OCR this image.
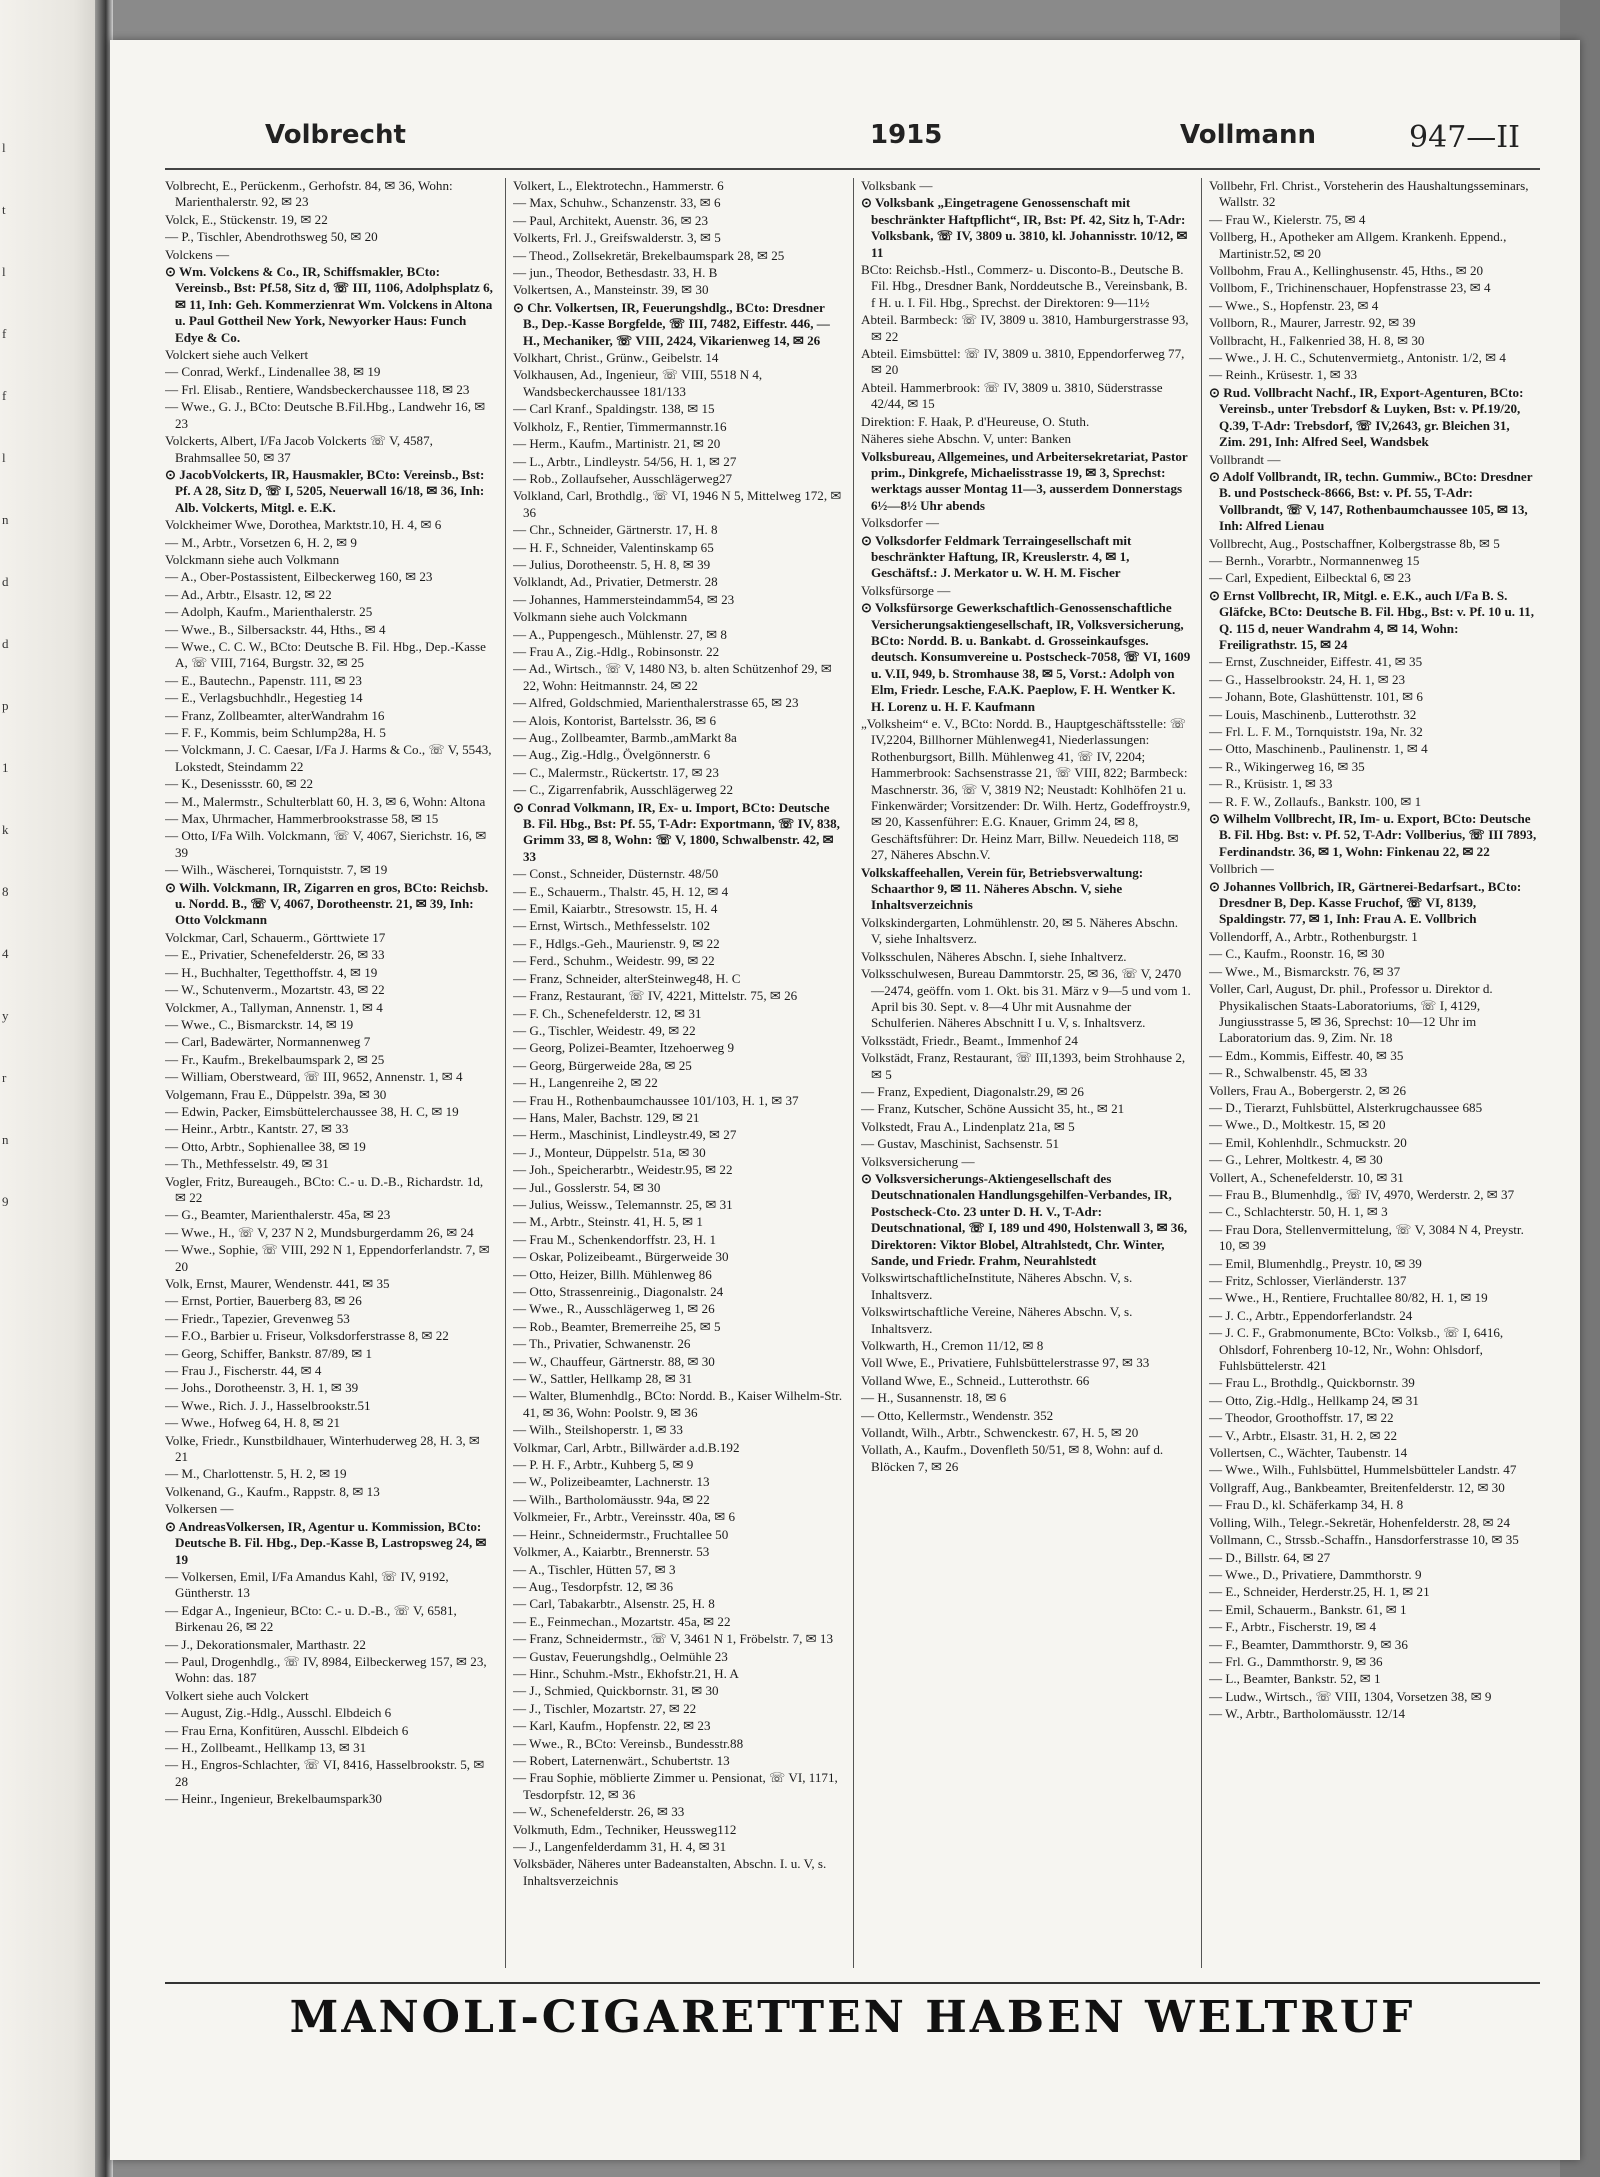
l
t
l
f
f
l
n
d
d
p
1
k
8
4
y
r
n
9
Volbrecht	1915	Vollmann	947—II
Volbrecht, E., Perückenm., Gerhofstr. 84, ✉ 36, Wohn: Marienthalerstr. 92, ✉ 23
Volck, E., Stückenstr. 19, ✉ 22
— P., Tischler, Abendrothsweg 50, ✉ 20
Volckens —
⊙ Wm. Volckens & Co., IR, Schiffsmakler, BCto: Vereinsb., Bst: Pf.58, Sitz d, ☏ III, 1106, Adolphsplatz 6, ✉ 11, Inh: Geh. Kommerzienrat Wm. Volckens in Altona u. Paul Gottheil New York, Newyorker Haus: Funch Edye & Co.
Volckert siehe auch Velkert
— Conrad, Werkf., Lindenallee 38, ✉ 19
— Frl. Elisab., Rentiere, Wandsbeckerchaussee 118, ✉ 23
— Wwe., G. J., BCto: Deutsche B.Fil.Hbg., Landwehr 16, ✉ 23
Volckerts, Albert, I/Fa Jacob Volckerts ☏ V, 4587, Brahmsallee 50, ✉ 37
⊙ JacobVolckerts, IR, Hausmakler, BCto: Vereinsb., Bst: Pf. A 28, Sitz D, ☏ I, 5205, Neuerwall 16/18, ✉ 36, Inh: Alb. Volckerts, Mitgl. e. E.K.
Volckheimer Wwe, Dorothea, Marktstr.10, H. 4, ✉ 6
— M., Arbtr., Vorsetzen 6, H. 2, ✉ 9
Volckmann siehe auch Volkmann
— A., Ober-Postassistent, Eilbeckerweg 160, ✉ 23
— Ad., Arbtr., Elsastr. 12, ✉ 22
— Adolph, Kaufm., Marienthalerstr. 25
— Wwe., B., Silbersackstr. 44, Hths., ✉ 4
— Wwe., C. C. W., BCto: Deutsche B. Fil. Hbg., Dep.-Kasse A, ☏ VIII, 7164, Burgstr. 32, ✉ 25
— E., Bautechn., Papenstr. 111, ✉ 23
— E., Verlagsbuchhdlr., Hegestieg 14
— Franz, Zollbeamter, alterWandrahm 16
— F. F., Kommis, beim Schlump28a, H. 5
— Volckmann, J. C. Caesar, I/Fa J. Harms & Co., ☏ V, 5543, Lokstedt, Steindamm 22
— K., Desenissstr. 60, ✉ 22
— M., Malermstr., Schulterblatt 60, H. 3, ✉ 6, Wohn: Altona
— Max, Uhrmacher, Hammerbrookstrasse 58, ✉ 15
— Otto, I/Fa Wilh. Volckmann, ☏ V, 4067, Sierichstr. 16, ✉ 39
— Wilh., Wäscherei, Tornquiststr. 7, ✉ 19
⊙ Wilh. Volckmann, IR, Zigarren en gros, BCto: Reichsb. u. Nordd. B., ☏ V, 4067, Dorotheenstr. 21, ✉ 39, Inh: Otto Volckmann
Volckmar, Carl, Schauerm., Görttwiete 17
— E., Privatier, Schenefelderstr. 26, ✉ 33
— H., Buchhalter, Tegetthoffstr. 4, ✉ 19
— W., Schutenverm., Mozartstr. 43, ✉ 22
Volckmer, A., Tallyman, Annenstr. 1, ✉ 4
— Wwe., C., Bismarckstr. 14, ✉ 19
— Carl, Badewärter, Normannenweg 7
— Fr., Kaufm., Brekelbaumspark 2, ✉ 25
— William, Oberstweard, ☏ III, 9652, Annenstr. 1, ✉ 4
Volgemann, Frau E., Düppelstr. 39a, ✉ 30
— Edwin, Packer, Eimsbüttelerchaussee 38, H. C, ✉ 19
— Heinr., Arbtr., Kantstr. 27, ✉ 33
— Otto, Arbtr., Sophienallee 38, ✉ 19
— Th., Methfesselstr. 49, ✉ 31
Vogler, Fritz, Bureaugeh., BCto: C.- u. D.-B., Richardstr. 1d, ✉ 22
— G., Beamter, Marienthalerstr. 45a, ✉ 23
— Wwe., H., ☏ V, 237 N 2, Mundsburgerdamm 26, ✉ 24
— Wwe., Sophie, ☏ VIII, 292 N 1, Eppendorferlandstr. 7, ✉ 20
Volk, Ernst, Maurer, Wendenstr. 441, ✉ 35
— Ernst, Portier, Bauerberg 83, ✉ 26
— Friedr., Tapezier, Grevenweg 53
— F.O., Barbier u. Friseur, Volksdorferstrasse 8, ✉ 22
— Georg, Schiffer, Bankstr. 87/89, ✉ 1
— Frau J., Fischerstr. 44, ✉ 4
— Johs., Dorotheenstr. 3, H. 1, ✉ 39
— Wwe., Rich. J. J., Hasselbrookstr.51
— Wwe., Hofweg 64, H. 8, ✉ 21
Volke, Friedr., Kunstbildhauer, Winterhuderweg 28, H. 3, ✉ 21
— M., Charlottenstr. 5, H. 2, ✉ 19
Volkenand, G., Kaufm., Rappstr. 8, ✉ 13
Volkersen —
⊙ AndreasVolkersen, IR, Agentur u. Kommission, BCto: Deutsche B. Fil. Hbg., Dep.-Kasse B, Lastropsweg 24, ✉ 19
— Volkersen, Emil, I/Fa Amandus Kahl, ☏ IV, 9192, Güntherstr. 13
— Edgar A., Ingenieur, BCto: C.- u. D.-B., ☏ V, 6581, Birkenau 26, ✉ 22
— J., Dekorationsmaler, Marthastr. 22
— Paul, Drogenhdlg., ☏ IV, 8984, Eilbeckerweg 157, ✉ 23, Wohn: das. 187
Volkert siehe auch Volckert
— August, Zig.-Hdlg., Ausschl. Elbdeich 6
— Frau Erna, Konfitüren, Ausschl. Elbdeich 6
— H., Zollbeamt., Hellkamp 13, ✉ 31
— H., Engros-Schlachter, ☏ VI, 8416, Hasselbrookstr. 5, ✉ 28
— Heinr., Ingenieur, Brekelbaumspark30
Volkert, L., Elektrotechn., Hammerstr. 6
— Max, Schuhw., Schanzenstr. 33, ✉ 6
— Paul, Architekt, Auenstr. 36, ✉ 23
Volkerts, Frl. J., Greifswalderstr. 3, ✉ 5
— Theod., Zollsekretär, Brekelbaumspark 28, ✉ 25
— jun., Theodor, Bethesdastr. 33, H. B
Volkertsen, A., Mansteinstr. 39, ✉ 30
⊙ Chr. Volkertsen, IR, Feuerungshdlg., BCto: Dresdner B., Dep.-Kasse Borgfelde, ☏ III, 7482, Eiffestr. 446, — H., Mechaniker, ☏ VIII, 2424, Vikarienweg 14, ✉ 26
Volkhart, Christ., Grünw., Geibelstr. 14
Volkhausen, Ad., Ingenieur, ☏ VIII, 5518 N 4, Wandsbeckerchaussee 181/133
— Carl Kranf., Spaldingstr. 138, ✉ 15
Volkholz, F., Rentier, Timmermannstr.16
— Herm., Kaufm., Martinistr. 21, ✉ 20
— L., Arbtr., Lindleystr. 54/56, H. 1, ✉ 27
— Rob., Zollaufseher, Ausschlägerweg27
Volkland, Carl, Brothdlg., ☏ VI, 1946 N 5, Mittelweg 172, ✉ 36
— Chr., Schneider, Gärtnerstr. 17, H. 8
— H. F., Schneider, Valentinskamp 65
— Julius, Dorotheenstr. 5, H. 8, ✉ 39
Volklandt, Ad., Privatier, Detmerstr. 28
— Johannes, Hammersteindamm54, ✉ 23
Volkmann siehe auch Volckmann
— A., Puppengesch., Mühlenstr. 27, ✉ 8
— Frau A., Zig.-Hdlg., Robinsonstr. 22
— Ad., Wirtsch., ☏ V, 1480 N3, b. alten Schützenhof 29, ✉ 22, Wohn: Heitmannstr. 24, ✉ 22
— Alfred, Goldschmied, Marienthalerstrasse 65, ✉ 23
— Alois, Kontorist, Bartelsstr. 36, ✉ 6
— Aug., Zollbeamter, Barmb.,amMarkt 8a
— Aug., Zig.-Hdlg., Övelgönnerstr. 6
— C., Malermstr., Rückertstr. 17, ✉ 23
— C., Zigarrenfabrik, Ausschlägerweg 22
⊙ Conrad Volkmann, IR, Ex- u. Import, BCto: Deutsche B. Fil. Hbg., Bst: Pf. 55, T-Adr: Exportmann, ☏ IV, 838, Grimm 33, ✉ 8, Wohn: ☏ V, 1800, Schwalbenstr. 42, ✉ 33
— Const., Schneider, Düsternstr. 48/50
— E., Schauerm., Thalstr. 45, H. 12, ✉ 4
— Emil, Kaiarbtr., Stresowstr. 15, H. 4
— Ernst, Wirtsch., Methfesselstr. 102
— F., Hdlgs.-Geh., Maurienstr. 9, ✉ 22
— Ferd., Schuhm., Weidestr. 99, ✉ 22
— Franz, Schneider, alterSteinweg48, H. C
— Franz, Restaurant, ☏ IV, 4221, Mittelstr. 75, ✉ 26
— F. Ch., Schenefelderstr. 12, ✉ 31
— G., Tischler, Weidestr. 49, ✉ 22
— Georg, Polizei-Beamter, Itzehoerweg 9
— Georg, Bürgerweide 28a, ✉ 25
— H., Langenreihe 2, ✉ 22
— Frau H., Rothenbaumchaussee 101/103, H. 1, ✉ 37
— Hans, Maler, Bachstr. 129, ✉ 21
— Herm., Maschinist, Lindleystr.49, ✉ 27
— J., Monteur, Düppelstr. 51a, ✉ 30
— Joh., Speicherarbtr., Weidestr.95, ✉ 22
— Jul., Gosslerstr. 54, ✉ 30
— Julius, Weissw., Telemannstr. 25, ✉ 31
— M., Arbtr., Steinstr. 41, H. 5, ✉ 1
— Frau M., Schenkendorffstr. 23, H. 1
— Oskar, Polizeibeamt., Bürgerweide 30
— Otto, Heizer, Billh. Mühlenweg 86
— Otto, Strassenreinig., Diagonalstr. 24
— Wwe., R., Ausschlägerweg 1, ✉ 26
— Rob., Beamter, Bremerreihe 25, ✉ 5
— Th., Privatier, Schwanenstr. 26
— W., Chauffeur, Gärtnerstr. 88, ✉ 30
— W., Sattler, Hellkamp 28, ✉ 31
— Walter, Blumenhdlg., BCto: Nordd. B., Kaiser Wilhelm-Str. 41, ✉ 36, Wohn: Poolstr. 9, ✉ 36
— Wilh., Steilshoperstr. 1, ✉ 33
Volkmar, Carl, Arbtr., Billwärder a.d.B.192
— P. H. F., Arbtr., Kuhberg 5, ✉ 9
— W., Polizeibeamter, Lachnerstr. 13
— Wilh., Bartholomäusstr. 94a, ✉ 22
Volkmeier, Fr., Arbtr., Vereinsstr. 40a, ✉ 6
— Heinr., Schneidermstr., Fruchtallee 50
Volkmer, A., Kaiarbtr., Brennerstr. 53
— A., Tischler, Hütten 57, ✉ 3
— Aug., Tesdorpfstr. 12, ✉ 36
— Carl, Tabakarbtr., Alsenstr. 25, H. 8
— E., Feinmechan., Mozartstr. 45a, ✉ 22
— Franz, Schneidermstr., ☏ V, 3461 N 1, Fröbelstr. 7, ✉ 13
— Gustav, Feuerungshdlg., Oelmühle 23
— Hinr., Schuhm.-Mstr., Ekhofstr.21, H. A
— J., Schmied, Quickbornstr. 31, ✉ 30
— J., Tischler, Mozartstr. 27, ✉ 22
— Karl, Kaufm., Hopfenstr. 22, ✉ 23
— Wwe., R., BCto: Vereinsb., Bundesstr.88
— Robert, Laternenwärt., Schubertstr. 13
— Frau Sophie, möblierte Zimmer u. Pensionat, ☏ VI, 1171, Tesdorpfstr. 12, ✉ 36
— W., Schenefelderstr. 26, ✉ 33
Volkmuth, Edm., Techniker, Heussweg112
— J., Langenfelderdamm 31, H. 4, ✉ 31
Volksbäder, Näheres unter Badeanstalten, Abschn. I. u. V, s. Inhaltsverzeichnis
Volksbank —
⊙ Volksbank „Eingetragene Genossenschaft mit beschränkter Haftpflicht“, IR, Bst: Pf. 42, Sitz h, T-Adr: Volksbank, ☏ IV, 3809 u. 3810, kl. Johannisstr. 10/12, ✉ 11
BCto: Reichsb.-Hstl., Commerz- u. Disconto-B., Deutsche B. Fil. Hbg., Dresdner Bank, Norddeutsche B., Vereinsbank, B. f H. u. I. Fil. Hbg., Sprechst. der Direktoren: 9—11½
Abteil. Barmbeck: ☏ IV, 3809 u. 3810, Hamburgerstrasse 93, ✉ 22
Abteil. Eimsbüttel: ☏ IV, 3809 u. 3810, Eppendorferweg 77, ✉ 20
Abteil. Hammerbrook: ☏ IV, 3809 u. 3810, Süderstrasse 42/44, ✉ 15
Direktion: F. Haak, P. d'Heureuse, O. Stuth.
Näheres siehe Abschn. V, unter: Banken
Volksbureau, Allgemeines, und Arbeitersekretariat, Pastor prim., Dinkgrefe, Michaelisstrasse 19, ✉ 3, Sprechst: werktags ausser Montag 11—3, ausserdem Donnerstags 6½—8½ Uhr abends
Volksdorfer —
⊙ Volksdorfer Feldmark Terraingesellschaft mit beschränkter Haftung, IR, Kreuslerstr. 4, ✉ 1, Geschäftsf.: J. Merkator u. W. H. M. Fischer
Volksfürsorge —
⊙ Volksfürsorge Gewerkschaftlich-Genossenschaftliche Versicherungsaktiengesellschaft, IR, Volksversicherung, BCto: Nordd. B. u. Bankabt. d. Grosseinkaufsges. deutsch. Konsumvereine u. Postscheck-7058, ☏ VI, 1609 u. V.II, 949, b. Stromhause 38, ✉ 5, Vorst.: Adolph von Elm, Friedr. Lesche, F.A.K. Paeplow, F. H. Wentker K. H. Lorenz u. H. F. Kaufmann
„Volksheim“ e. V., BCto: Nordd. B., Hauptgeschäftsstelle: ☏ IV,2204, Billhorner Mühlenweg41, Niederlassungen: Rothenburgsort, Billh. Mühlenweg 41, ☏ IV, 2204; Hammerbrook: Sachsenstrasse 21, ☏ VIII, 822; Barmbeck: Maschnerstr. 36, ☏ V, 3819 N2; Neustadt: Kohlhöfen 21 u. Finkenwärder; Vorsitzender: Dr. Wilh. Hertz, Godeffroystr.9, ✉ 20, Kassenführer: E.G. Knauer, Grimm 24, ✉ 8, Geschäftsführer: Dr. Heinz Marr, Billw. Neuedeich 118, ✉ 27, Näheres Abschn.V.
Volkskaffeehallen, Verein für, Betriebsverwaltung: Schaarthor 9, ✉ 11. Näheres Abschn. V, siehe Inhaltsverzeichnis
Volkskindergarten, Lohmühlenstr. 20, ✉ 5. Näheres Abschn. V, siehe Inhaltsverz.
Volksschulen, Näheres Abschn. I, siehe Inhaltverz.
Volksschulwesen, Bureau Dammtorstr. 25, ✉ 36, ☏ V, 2470—2474, geöffn. vom 1. Okt. bis 31. März v 9—5 und vom 1. April bis 30. Sept. v. 8—4 Uhr mit Ausnahme der Schulferien. Näheres Abschnitt I u. V, s. Inhaltsverz.
Volksstädt, Friedr., Beamt., Immenhof 24
Volkstädt, Franz, Restaurant, ☏ III,1393, beim Strohhause 2, ✉ 5
— Franz, Expedient, Diagonalstr.29, ✉ 26
— Franz, Kutscher, Schöne Aussicht 35, ht., ✉ 21
Volkstedt, Frau A., Lindenplatz 21a, ✉ 5
— Gustav, Maschinist, Sachsenstr. 51
Volksversicherung —
⊙ Volksversicherungs-Aktiengesellschaft des Deutschnationalen Handlungsgehilfen-Verbandes, IR, Postscheck-Cto. 23 unter D. H. V., T-Adr: Deutschnational, ☏ I, 189 und 490, Holstenwall 3, ✉ 36, Direktoren: Viktor Blobel, Altrahlstedt, Chr. Winter, Sande, und Friedr. Frahm, Neurahlstedt
VolkswirtschaftlicheInstitute, Näheres Abschn. V, s. Inhaltsverz.
Volkswirtschaftliche Vereine, Näheres Abschn. V, s. Inhaltsverz.
Volkwarth, H., Cremon 11/12, ✉ 8
Voll Wwe, E., Privatiere, Fuhlsbüttelerstrasse 97, ✉ 33
Volland Wwe, E., Schneid., Lutterothstr. 66
— H., Susannenstr. 18, ✉ 6
— Otto, Kellermstr., Wendenstr. 352
Vollandt, Wilh., Arbtr., Schwenckestr. 67, H. 5, ✉ 20
Vollath, A., Kaufm., Dovenfleth 50/51, ✉ 8, Wohn: auf d. Blöcken 7, ✉ 26
Vollbehr, Frl. Christ., Vorsteherin des Haushaltungsseminars, Wallstr. 32
— Frau W., Kielerstr. 75, ✉ 4
Vollberg, H., Apotheker am Allgem. Krankenh. Eppend., Martinistr.52, ✉ 20
Vollbohm, Frau A., Kellinghusenstr. 45, Hths., ✉ 20
Vollbom, F., Trichinenschauer, Hopfenstrasse 23, ✉ 4
— Wwe., S., Hopfenstr. 23, ✉ 4
Vollborn, R., Maurer, Jarrestr. 92, ✉ 39
Vollbracht, H., Falkenried 38, H. 8, ✉ 30
— Wwe., J. H. C., Schutenvermietg., Antonistr. 1/2, ✉ 4
— Reinh., Krüsestr. 1, ✉ 33
⊙ Rud. Vollbracht Nachf., IR, Export-Agenturen, BCto: Vereinsb., unter Trebsdorf & Luyken, Bst: v. Pf.19/20, Q.39, T-Adr: Trebsdorf, ☏ IV,2643, gr. Bleichen 31, Zim. 291, Inh: Alfred Seel, Wandsbek
Vollbrandt —
⊙ Adolf Vollbrandt, IR, techn. Gummiw., BCto: Dresdner B. und Postscheck-8666, Bst: v. Pf. 55, T-Adr: Vollbrandt, ☏ V, 147, Rothenbaumchaussee 105, ✉ 13, Inh: Alfred Lienau
Vollbrecht, Aug., Postschaffner, Kolbergstrasse 8b, ✉ 5
— Bernh., Vorarbtr., Normannenweg 15
— Carl, Expedient, Eilbecktal 6, ✉ 23
⊙ Ernst Vollbrecht, IR, Mitgl. e. E.K., auch I/Fa B. S. Gläfcke, BCto: Deutsche B. Fil. Hbg., Bst: v. Pf. 10 u. 11, Q. 115 d, neuer Wandrahm 4, ✉ 14, Wohn: Freiligrathstr. 15, ✉ 24
— Ernst, Zuschneider, Eiffestr. 41, ✉ 35
— G., Hasselbrookstr. 24, H. 1, ✉ 23
— Johann, Bote, Glashüttenstr. 101, ✉ 6
— Louis, Maschinenb., Lutterothstr. 32
— Frl. L. F. M., Tornquiststr. 19a, Nr. 32
— Otto, Maschinenb., Paulinenstr. 1, ✉ 4
— R., Wikingerweg 16, ✉ 35
— R., Krüsistr. 1, ✉ 33
— R. F. W., Zollaufs., Bankstr. 100, ✉ 1
⊙ Wilhelm Vollbrecht, IR, Im- u. Export, BCto: Deutsche B. Fil. Hbg. Bst: v. Pf. 52, T-Adr: Vollberius, ☏ III 7893, Ferdinandstr. 36, ✉ 1, Wohn: Finkenau 22, ✉ 22
Vollbrich —
⊙ Johannes Vollbrich, IR, Gärtnerei-Bedarfsart., BCto: Dresdner B, Dep. Kasse Fruchof, ☏ VI, 8139, Spaldingstr. 77, ✉ 1, Inh: Frau A. E. Vollbrich
Vollendorff, A., Arbtr., Rothenburgstr. 1
— C., Kaufm., Roonstr. 16, ✉ 30
— Wwe., M., Bismarckstr. 76, ✉ 37
Voller, Carl, August, Dr. phil., Professor u. Direktor d. Physikalischen Staats-Laboratoriums, ☏ I, 4129, Jungiusstrasse 5, ✉ 36, Sprechst: 10—12 Uhr im Laboratorium das. 9, Zim. Nr. 18
— Edm., Kommis, Eiffestr. 40, ✉ 35
— R., Schwalbenstr. 45, ✉ 33
Vollers, Frau A., Bobergerstr. 2, ✉ 26
— D., Tierarzt, Fuhlsbüttel, Alsterkrugchaussee 685
— Wwe., D., Moltkestr. 15, ✉ 20
— Emil, Kohlenhdlr., Schmuckstr. 20
— G., Lehrer, Moltkestr. 4, ✉ 30
Vollert, A., Schenefelderstr. 10, ✉ 31
— Frau B., Blumenhdlg., ☏ IV, 4970, Werderstr. 2, ✉ 37
— C., Schlachterstr. 50, H. 1, ✉ 3
— Frau Dora, Stellenvermittelung, ☏ V, 3084 N 4, Preystr. 10, ✉ 39
— Emil, Blumenhdlg., Preystr. 10, ✉ 39
— Fritz, Schlosser, Vierländerstr. 137
— Wwe., H., Rentiere, Fruchtallee 80/82, H. 1, ✉ 19
— J. C., Arbtr., Eppendorferlandstr. 24
— J. C. F., Grabmonumente, BCto: Volksb., ☏ I, 6416, Ohlsdorf, Fohrenberg 10-12, Nr., Wohn: Ohlsdorf, Fuhlsbüttelerstr. 421
— Frau L., Brothdlg., Quickbornstr. 39
— Otto, Zig.-Hdlg., Hellkamp 24, ✉ 31
— Theodor, Groothoffstr. 17, ✉ 22
— V., Arbtr., Elsastr. 31, H. 2, ✉ 22
Vollertsen, C., Wächter, Taubenstr. 14
— Wwe., Wilh., Fuhlsbüttel, Hummelsbütteler Landstr. 47
Vollgraff, Aug., Bankbeamter, Breitenfelderstr. 12, ✉ 30
— Frau D., kl. Schäferkamp 34, H. 8
Volling, Wilh., Telegr.-Sekretär, Hohenfelderstr. 28, ✉ 24
Vollmann, C., Strssb.-Schaffn., Hansdorferstrasse 10, ✉ 35
— D., Billstr. 64, ✉ 27
— Wwe., D., Privatiere, Dammthorstr. 9
— E., Schneider, Herderstr.25, H. 1, ✉ 21
— Emil, Schauerm., Bankstr. 61, ✉ 1
— F., Arbtr., Fischerstr. 19, ✉ 4
— F., Beamter, Dammthorstr. 9, ✉ 36
— Frl. G., Dammthorstr. 9, ✉ 36
— L., Beamter, Bankstr. 52, ✉ 1
— Ludw., Wirtsch., ☏ VIII, 1304, Vorsetzen 38, ✉ 9
— W., Arbtr., Bartholomäusstr. 12/14
MANOLI-CIGARETTEN HABEN WELTRUF
